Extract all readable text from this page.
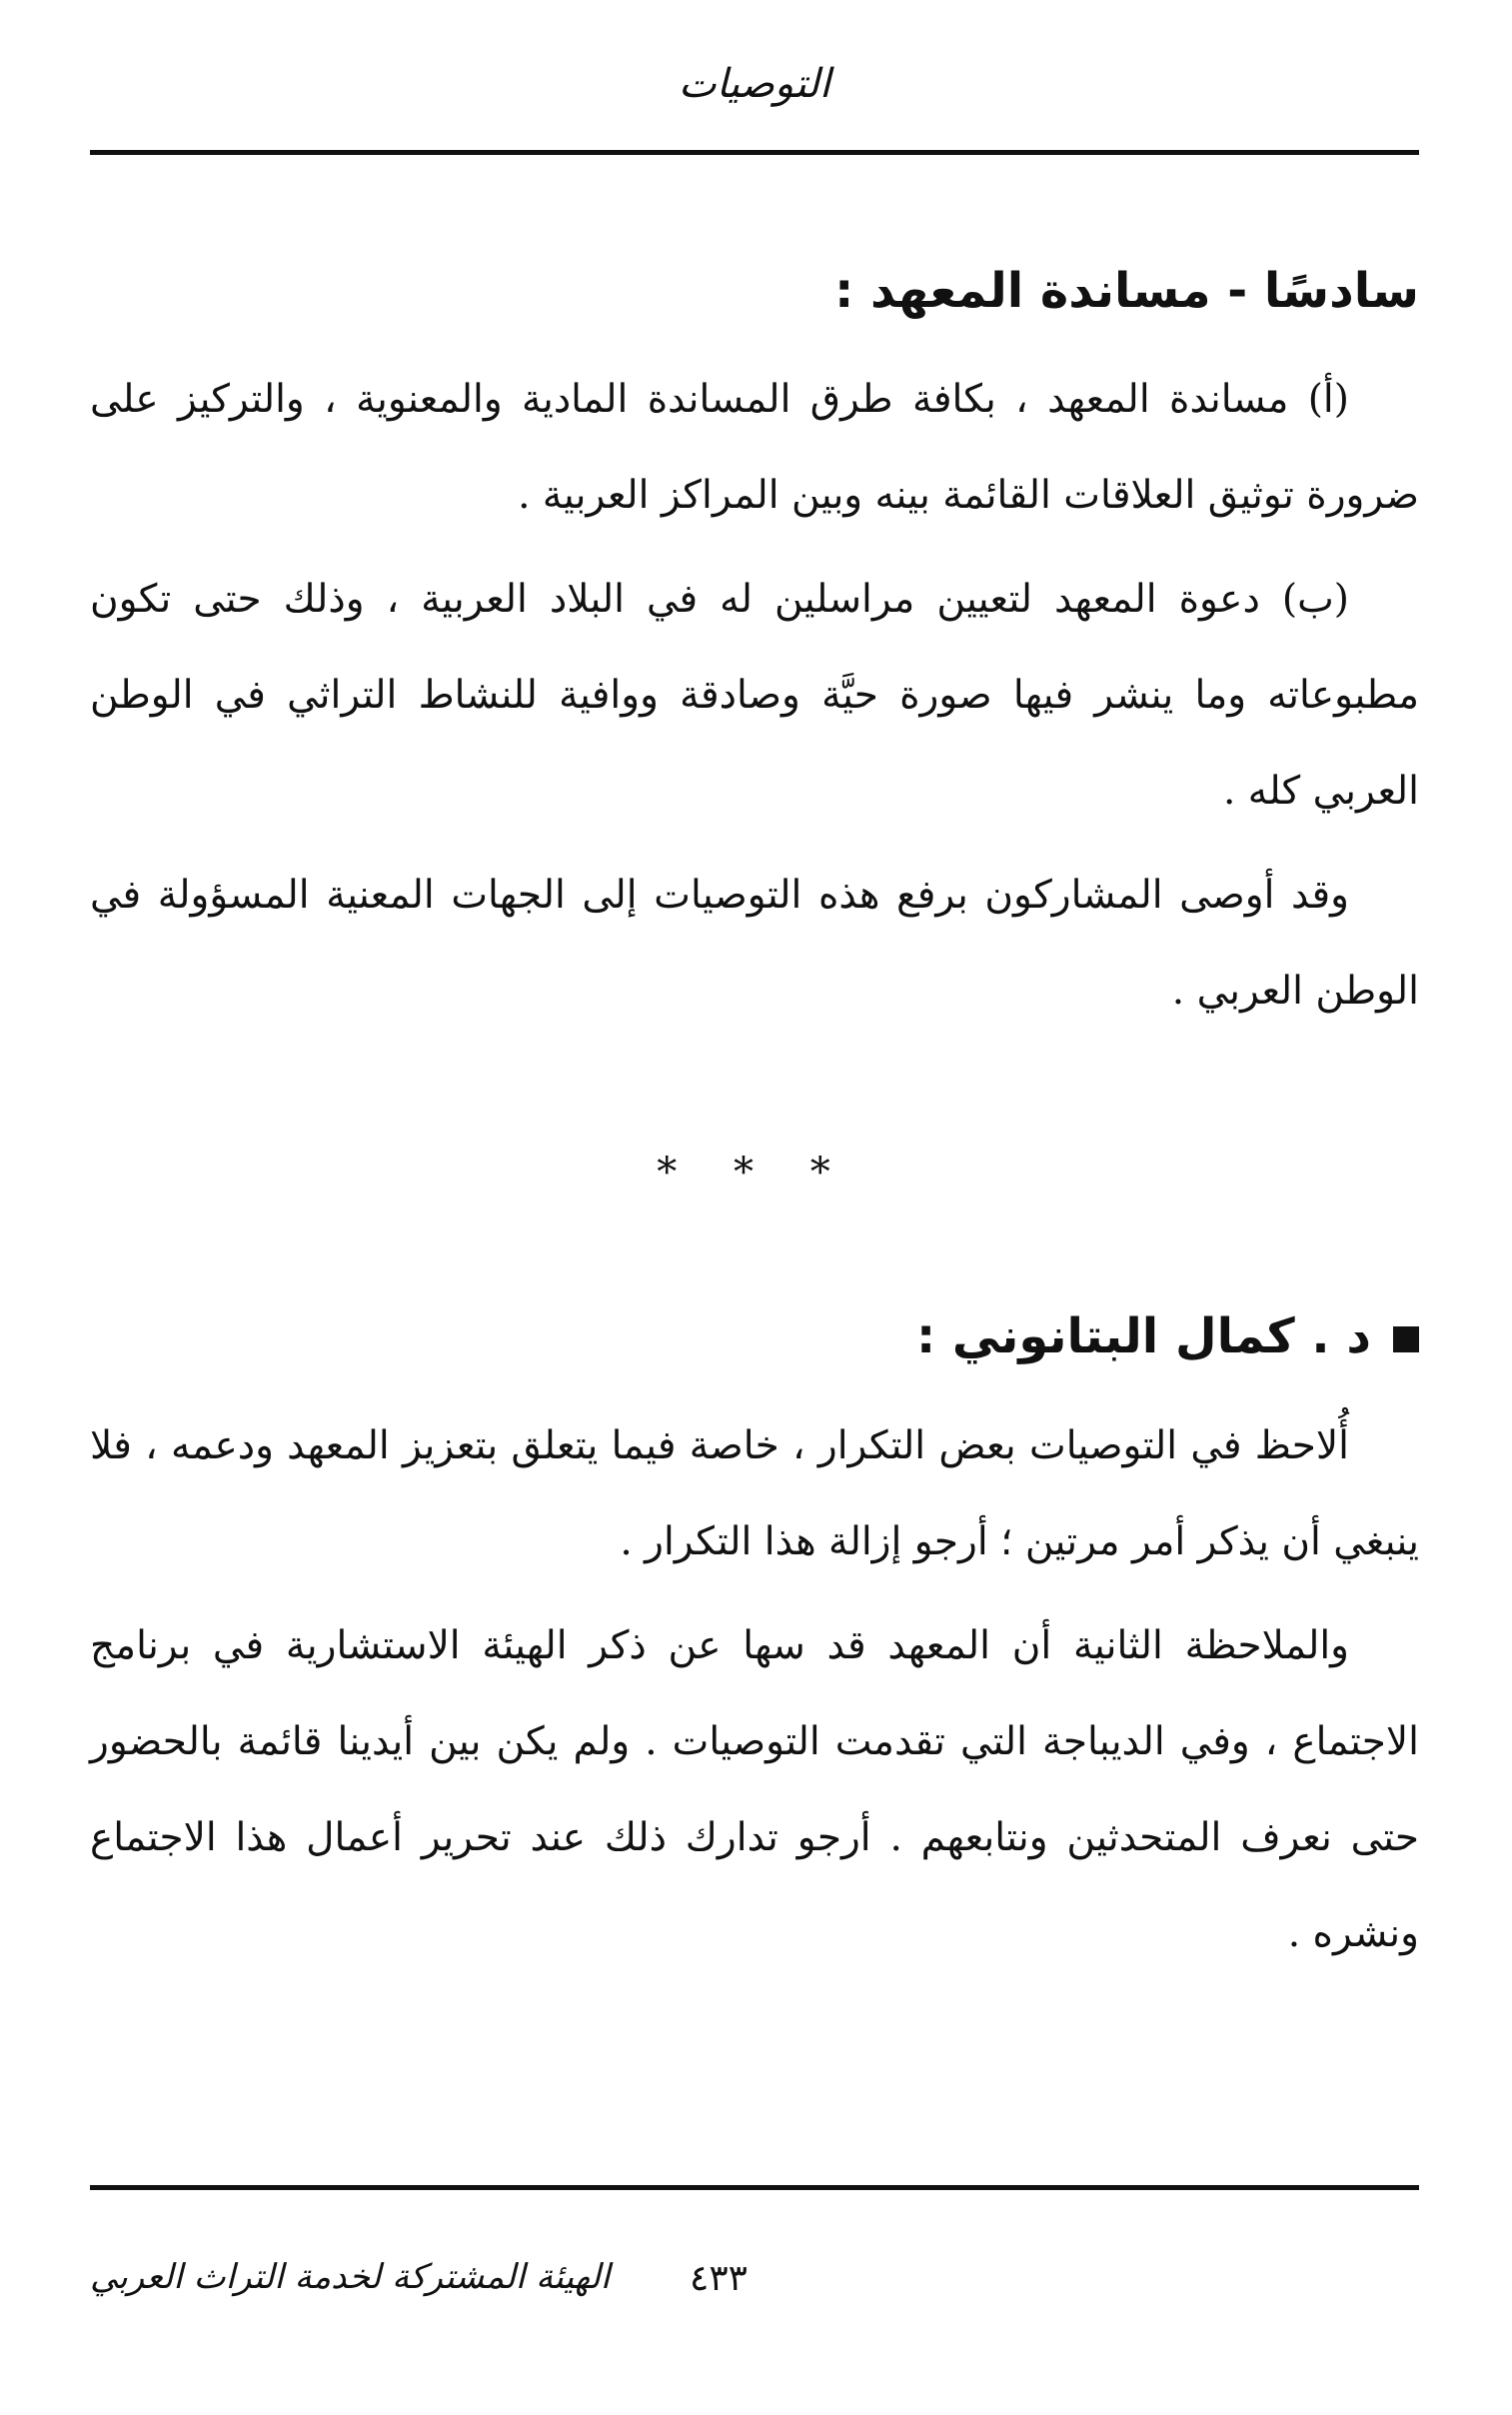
التوصيات
سادسًا - مساندة المعهد :

(أ) مساندة المعهد ، بكافة طرق المساندة المادية والمعنوية ، والتركيز على ضرورة توثيق العلاقات القائمة بينه وبين المراكز العربية .

(ب) دعوة المعهد لتعيين مراسلين له في البلاد العربية ، وذلك حتى تكون مطبوعاته وما ينشر فيها صورة حيَّة وصادقة ووافية للنشاط التراثي في الوطن العربي كله .

وقد أوصى المشاركون برفع هذه التوصيات إلى الجهات المعنية المسؤولة في الوطن العربي .

* * *
د . كمال البتانوني :

أُلاحظ في التوصيات بعض التكرار ، خاصة فيما يتعلق بتعزيز المعهد ودعمه ، فلا ينبغي أن يذكر أمر مرتين ؛ أرجو إزالة هذا التكرار .

والملاحظة الثانية أن المعهد قد سها عن ذكر الهيئة الاستشارية في برنامج الاجتماع ، وفي الديباجة التي تقدمت التوصيات . ولم يكن بين أيدينا قائمة بالحضور حتى نعرف المتحدثين ونتابعهم . أرجو تدارك ذلك عند تحرير أعمال هذا الاجتماع ونشره .

٤٣٣
الهيئة المشتركة لخدمة التراث العربي
